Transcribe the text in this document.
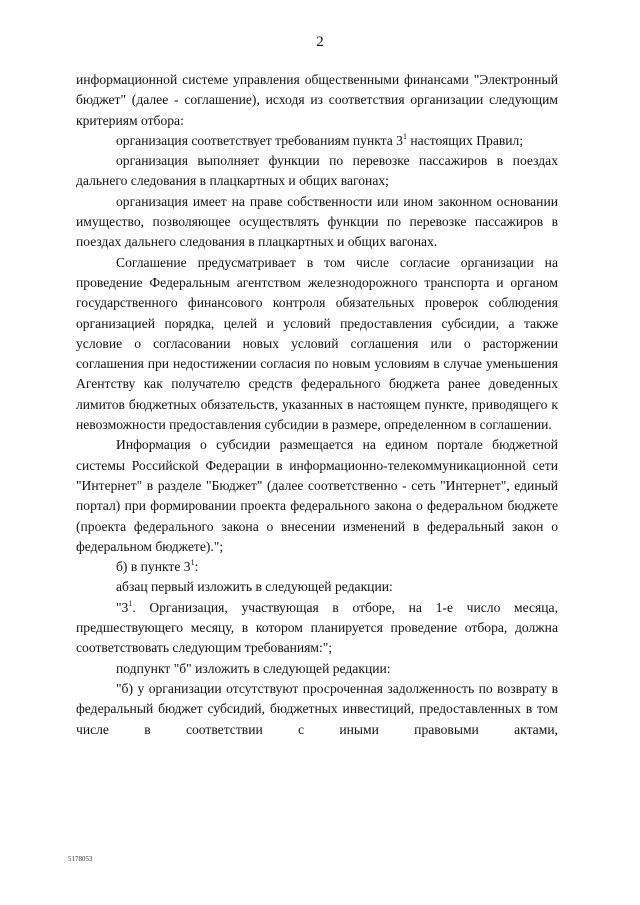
2

информационной системе управления общественными финансами "Электронный бюджет" (далее - соглашение), исходя из соответствия организации следующим критериям отбора:

организация соответствует требованиям пункта $3^1$ настоящих Правил;

организация выполняет функции по перевозке пассажиров в поездах дальнего следования в плацкартных и общих вагонах;

организация имеет на праве собственности или ином законном основании имущество, позволяющее осуществлять функции по перевозке пассажиров в поездах дальнего следования в плацкартных и общих вагонах.

Соглашение предусматривает в том числе согласие организации на проведение Федеральным агентством железнодорожного транспорта и органом государственного финансового контроля обязательных проверок соблюдения организацией порядка, целей и условий предоставления субсидии, а также условие о согласовании новых условий соглашения или о расторжении соглашения при недостижении согласия по новым условиям в случае уменьшения Агентству как получателю средств федерального бюджета ранее доведенных лимитов бюджетных обязательств, указанных в настоящем пункте, приводящего к невозможности предоставления субсидии в размере, определенном в соглашении.

Информация о субсидии размещается на едином портале бюджетной системы Российской Федерации в информационно-телекоммуникационной сети "Интернет" в разделе "Бюджет" (далее соответственно - сеть "Интернет", единый портал) при формировании проекта федерального закона о федеральном бюджете (проекта федерального закона о внесении изменений в федеральный закон о федеральном бюджете).";

б) в пункте $3^1$:

абзац первый изложить в следующей редакции:

"$3^1$. Организация, участвующая в отборе, на 1-е число месяца, предшествующего месяцу, в котором планируется проведение отбора, должна соответствовать следующим требованиям:";

подпункт "б" изложить в следующей редакции:

"б) у организации отсутствуют просроченная задолженность по возврату в федеральный бюджет субсидий, бюджетных инвестиций, предоставленных в том числе в соответствии с иными правовыми актами,

5178053
